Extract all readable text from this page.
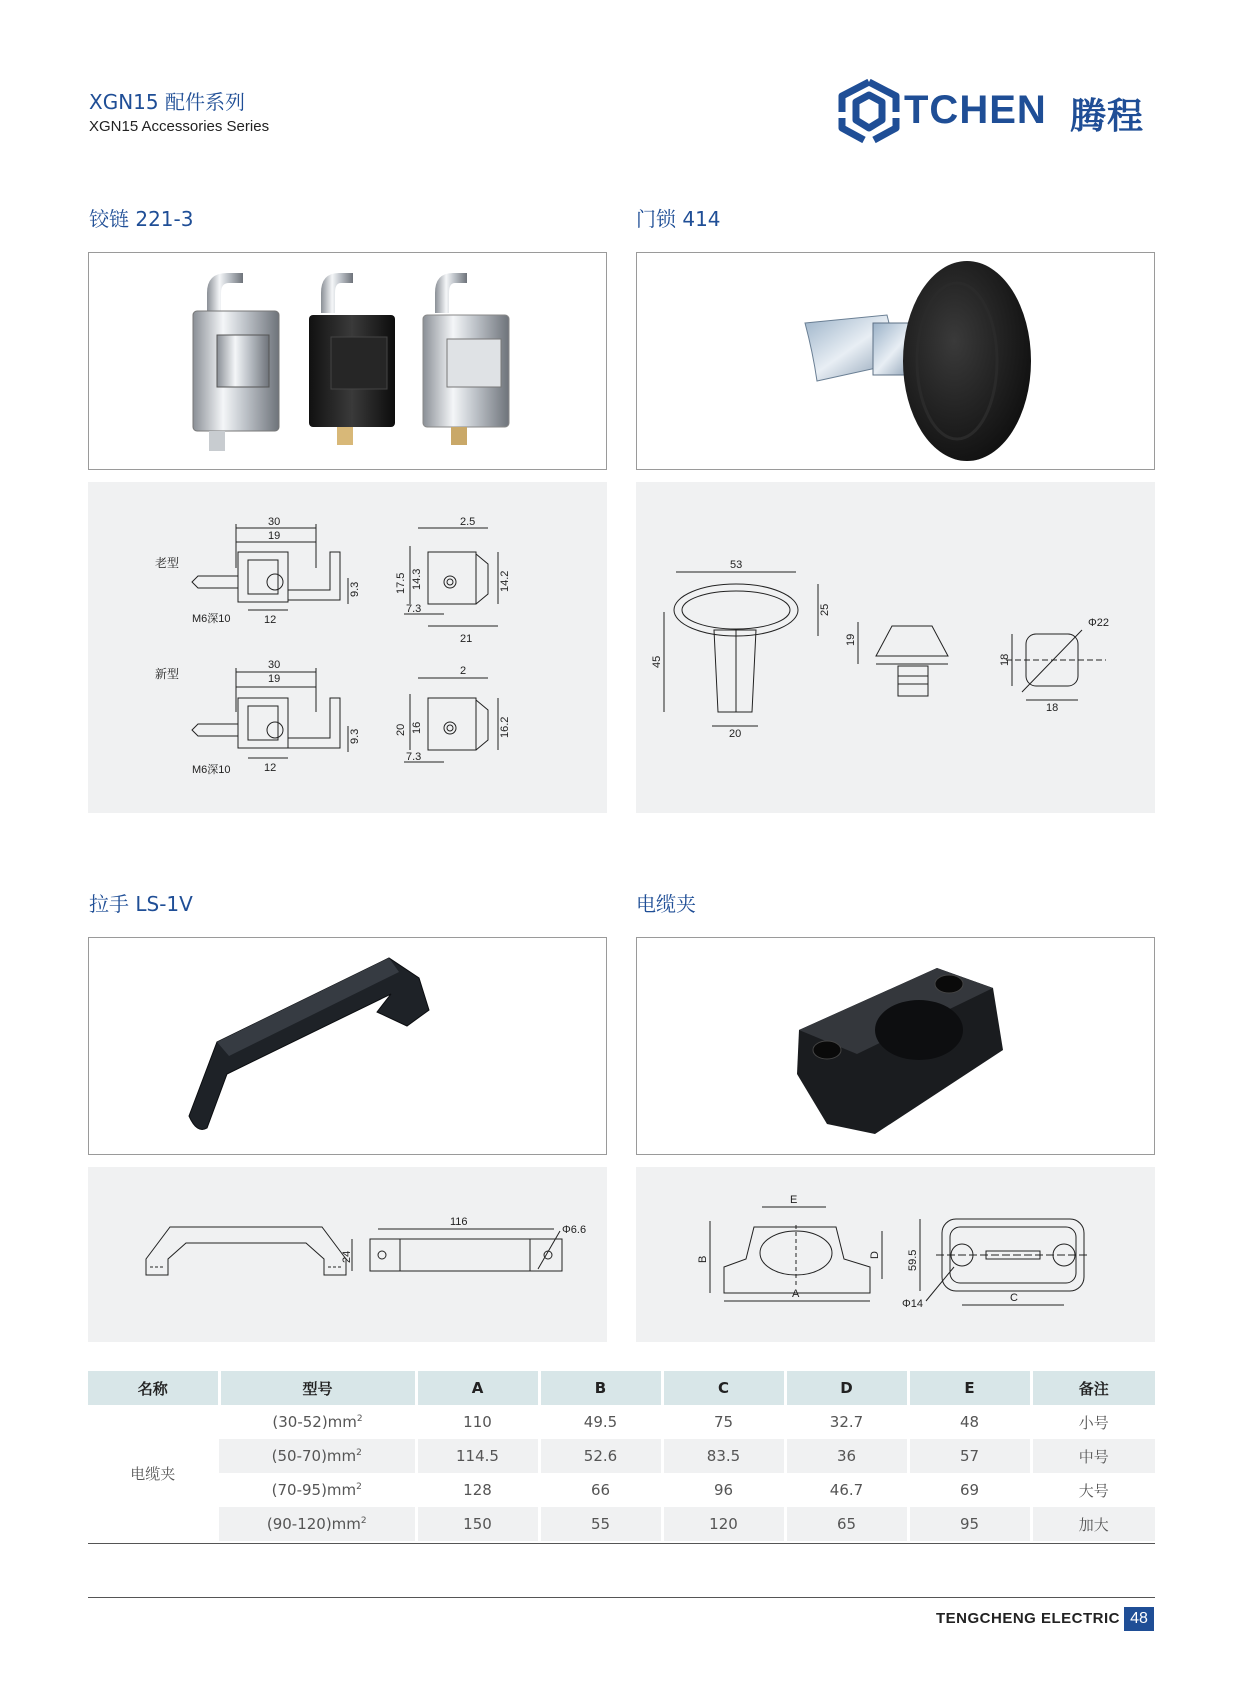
XGN15 配件系列
XGN15 Accessories Series	TCHEN 腾程
铰链 221-3	门锁 414
拉手 LS-1V	电缆夹
老型
30
19
12
M6深10
9.3
2.5
17.5 14.3	14.2
7.3
21
新型
30
19
12
M6深10
9.3
2
20 16	16.2
7.3
53
25
45
20
19
Φ22
18
18
116
Φ6.6
24
E
B
D
A
59.5
Φ14	C
名称	型号	A	B	C	D	E	备注
电缆夹	$(30-52)mm^2$	110	49.5	75	32.7	48	小号
	$(50-70)mm^2$	114.5	52.6	83.5	36	57	中号
	$(70-95)mm^2$	128	66	96	46.7	69	大号
	$(90-120)mm^2$	150	55	120	65	95	加大
TENGCHENG ELECTRIC 48
